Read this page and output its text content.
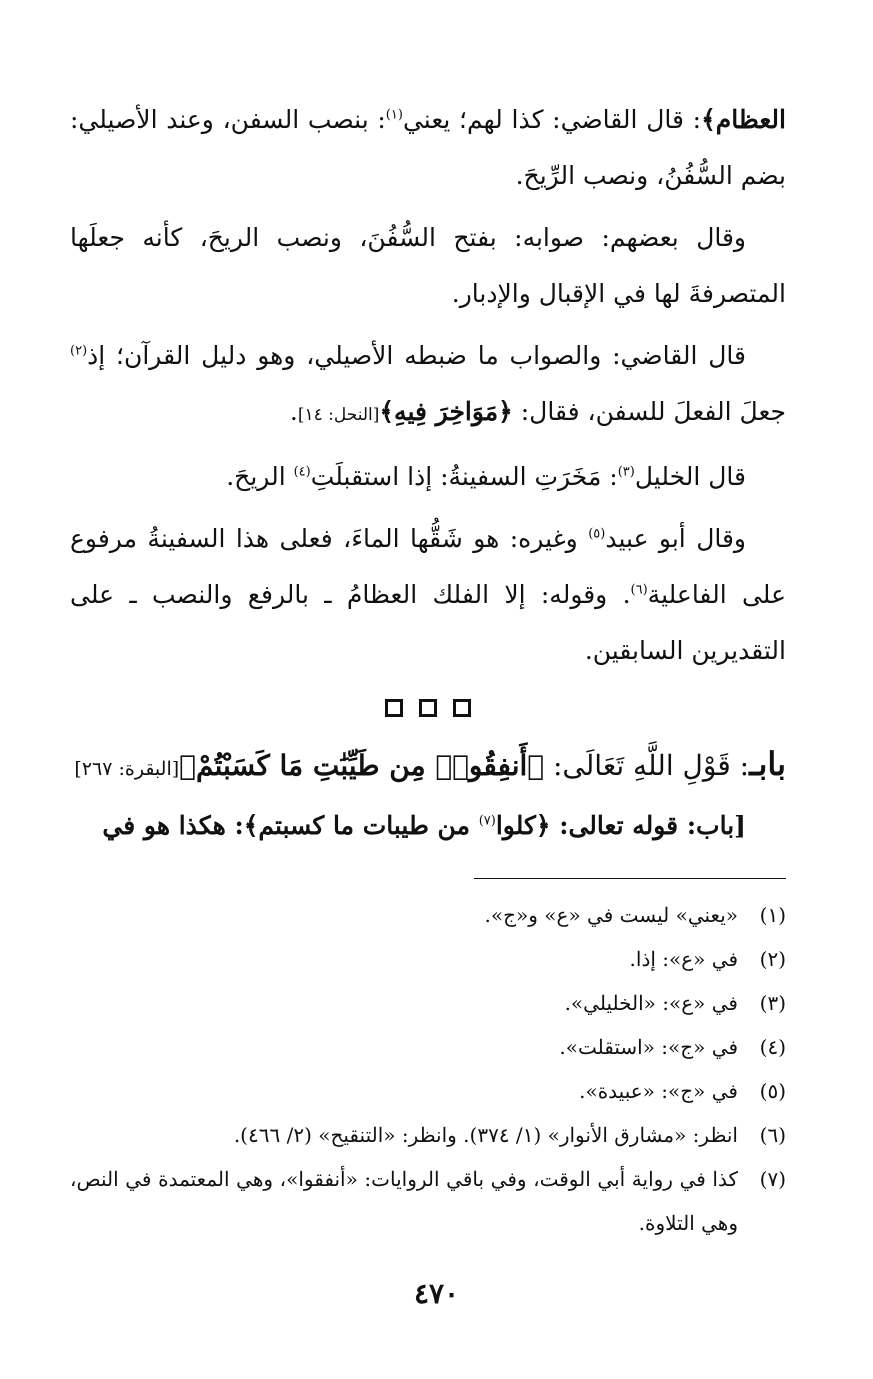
العظام﴾: قال القاضي: كذا لهم؛ يعني$^{(١)}$: بنصب السفن، وعند الأصيلي: بضم السُّفُنُ، ونصب الرِّيحَ.

وقال بعضهم: صوابه: بفتح السُّفُنَ، ونصب الريحَ، كأنه جعلَها المتصرفةَ لها في الإقبال والإدبار.

قال القاضي: والصواب ما ضبطه الأصيلي، وهو دليل القرآن؛ إذ$^{(٢)}$ جعلَ الفعلَ للسفن، فقال: ﴿مَوَاخِرَ فِيهِ﴾[النحل: ١٤].

قال الخليل$^{(٣)}$: مَخَرَتِ السفينةُ: إذا استقبلَتِ$^{(٤)}$ الريحَ.

وقال أبو عبيد$^{(٥)}$ وغيره: هو شَقُّها الماءَ، فعلى هذا السفينةُ مرفوع على الفاعلية$^{(٦)}$. وقوله: إلا الفلك العظامُ ـ بالرفع والنصب ـ على التقديرين السابقين.

بابـ: قَوْلِ اللَّهِ تَعَالَى: ﴿أَنفِقُوا۟ مِن طَيِّبَٰتِ مَا كَسَبْتُمْ﴾[البقرة: ٢٦٧]

[باب: قوله تعالى: ﴿كلوا$^{(٧)}$ من طيبات ما كسبتم﴾: هكذا هو في

(١)
«يعني» ليست في «ع» و«ج».
(٢)
في «ع»: إذا.
(٣)
في «ع»: «الخليلي».
(٤)
في «ج»: «استقلت».
(٥)
في «ج»: «عبيدة».
(٦)
انظر: «مشارق الأنوار» (١/ ٣٧٤). وانظر: «التنقيح» (٢/ ٤٦٦).
(٧)
كذا في رواية أبي الوقت، وفي باقي الروايات: «أنفقوا»، وهي المعتمدة في النص، وهي التلاوة.
٤٧٠
